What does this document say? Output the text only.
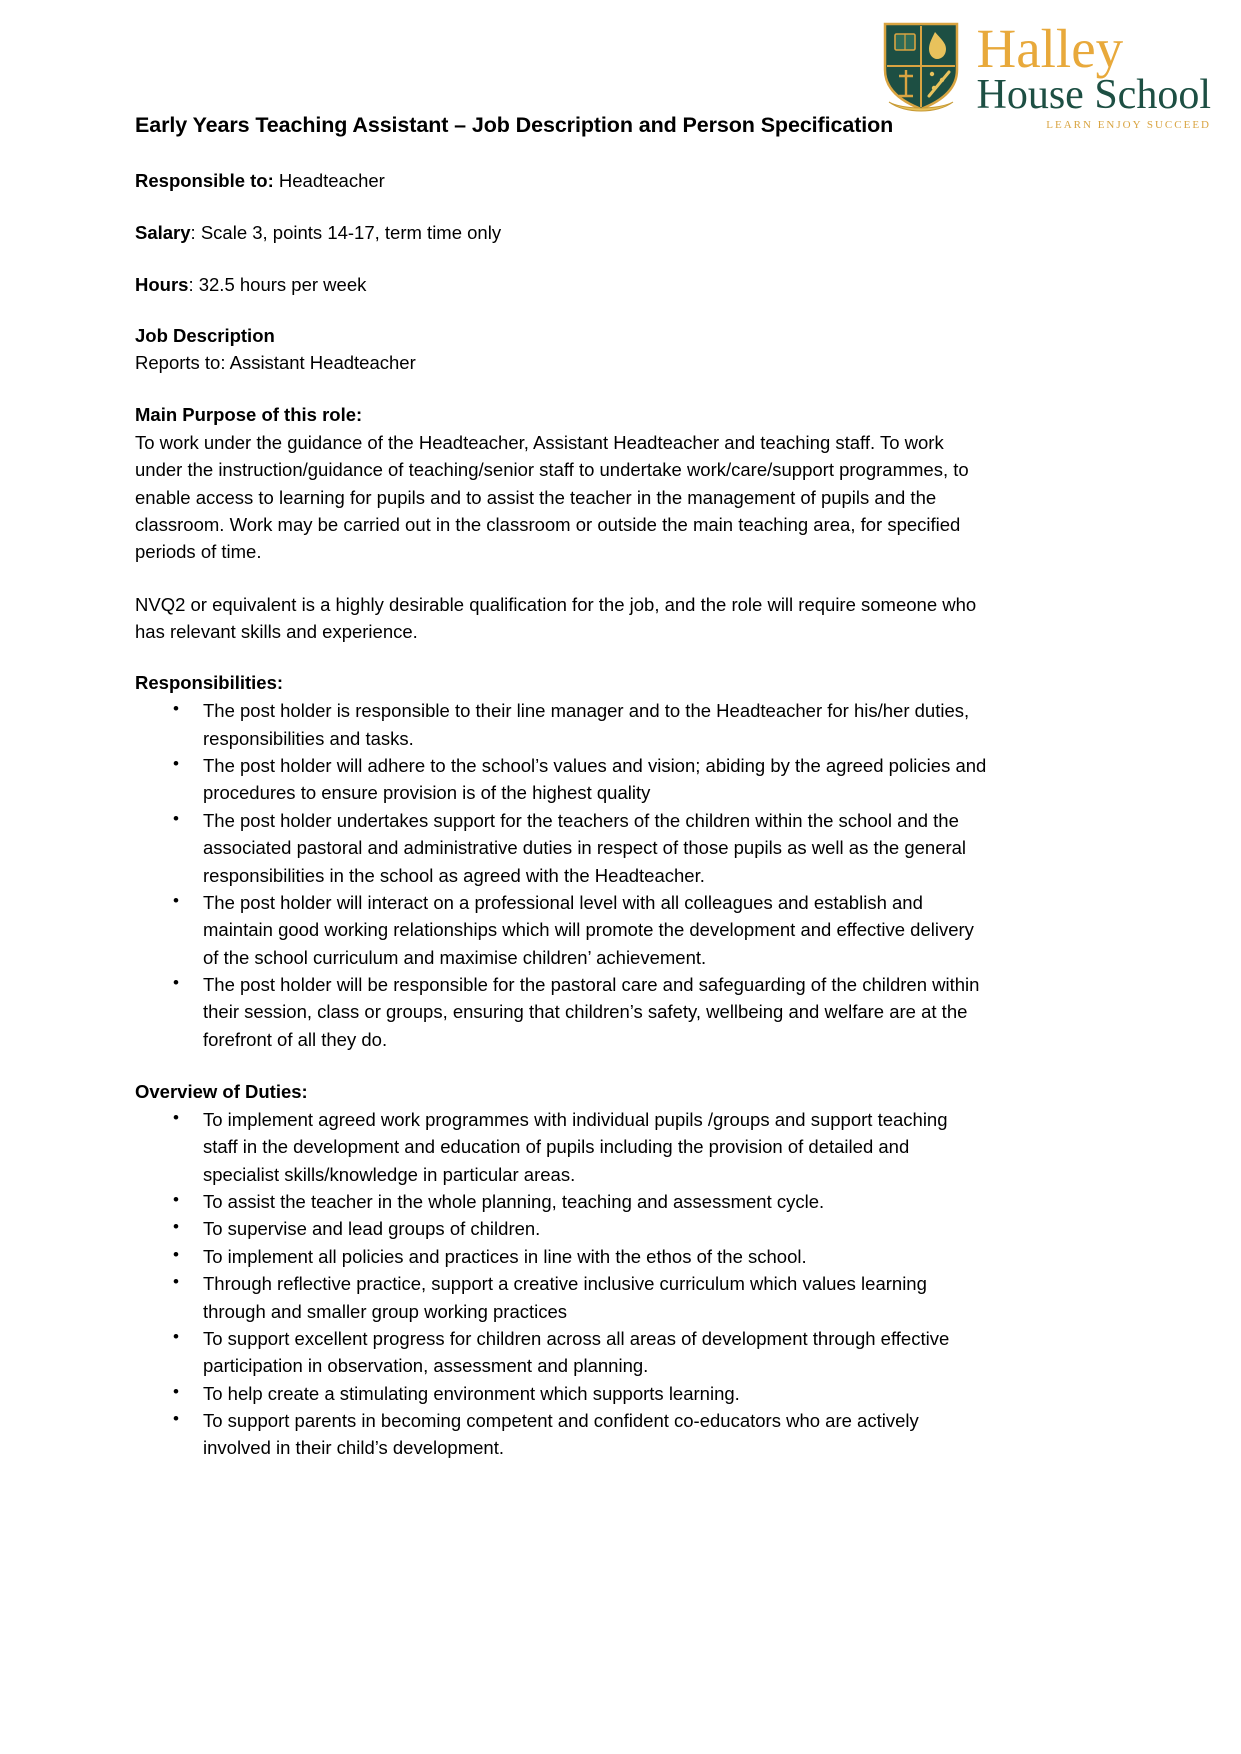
Halley
House School
LEARN ENJOY SUCCEED
Early Years Teaching Assistant – Job Description and Person Specification

Responsible to: Headteacher

Salary: Scale 3, points 14-17, term time only

Hours: 32.5 hours per week

Job Description

Reports to: Assistant Headteacher

Main Purpose of this role:

To work under the guidance of the Headteacher, Assistant Headteacher and teaching staff. To work under the instruction/guidance of teaching/senior staff to undertake work/care/support programmes, to enable access to learning for pupils and to assist the teacher in the management of pupils and the classroom. Work may be carried out in the classroom or outside the main teaching area, for specified periods of time.

NVQ2 or equivalent is a highly desirable qualification for the job, and the role will require someone who has relevant skills and experience.

Responsibilities:

• The post holder is responsible to their line manager and to the Headteacher for his/her duties, responsibilities and tasks.
• The post holder will adhere to the school’s values and vision; abiding by the agreed policies and procedures to ensure provision is of the highest quality
• The post holder undertakes support for the teachers of the children within the school and the associated pastoral and administrative duties in respect of those pupils as well as the general responsibilities in the school as agreed with the Headteacher.
• The post holder will interact on a professional level with all colleagues and establish and maintain good working relationships which will promote the development and effective delivery of the school curriculum and maximise children’ achievement.
• The post holder will be responsible for the pastoral care and safeguarding of the children within their session, class or groups, ensuring that children’s safety, wellbeing and welfare are at the forefront of all they do.

Overview of Duties:

• To implement agreed work programmes with individual pupils /groups and support teaching staff in the development and education of pupils including the provision of detailed and specialist skills/knowledge in particular areas.
• To assist the teacher in the whole planning, teaching and assessment cycle.
• To supervise and lead groups of children.
• To implement all policies and practices in line with the ethos of the school.
• Through reflective practice, support a creative inclusive curriculum which values learning through and smaller group working practices
• To support excellent progress for children across all areas of development through effective participation in observation, assessment and planning.
• To help create a stimulating environment which supports learning.
• To support parents in becoming competent and confident co-educators who are actively involved in their child’s development.
